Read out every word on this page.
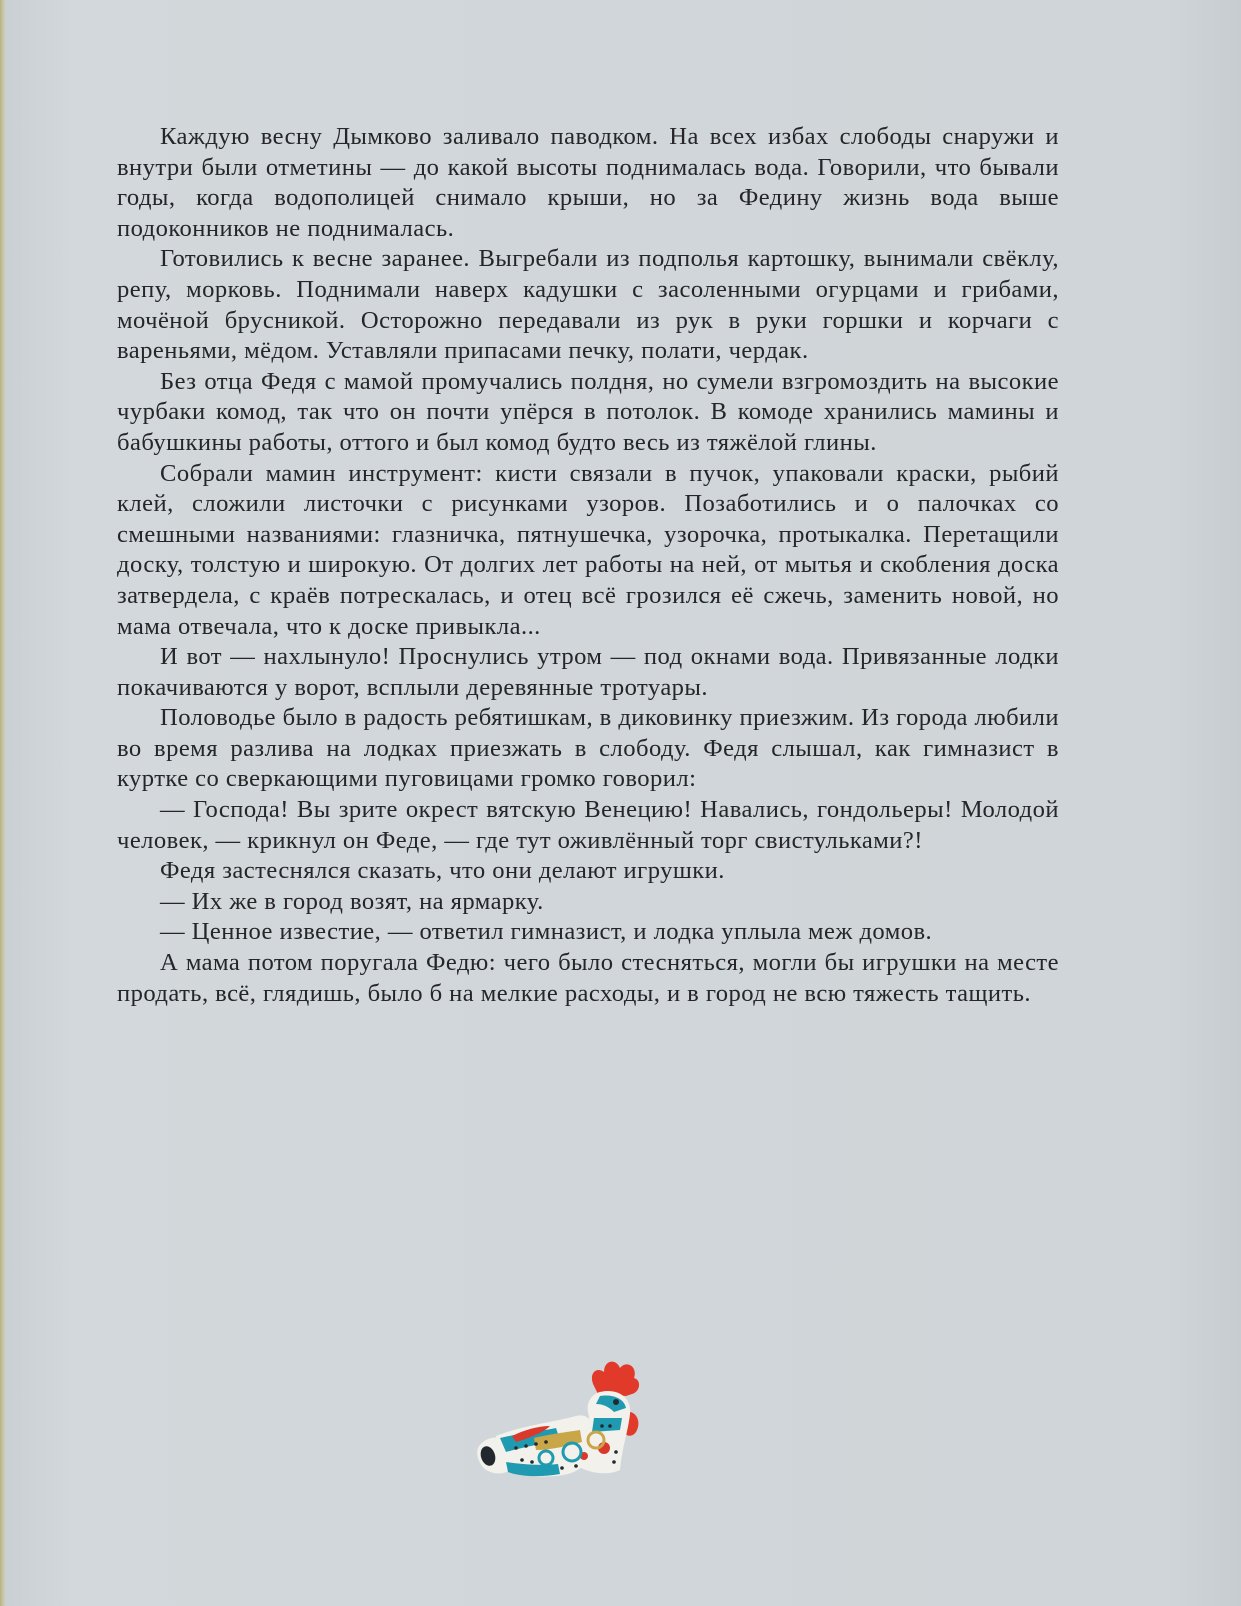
Каждую весну Дымково заливало паводком. На всех избах слободы снаружи и внутри были отметины — до какой высоты поднималась вода. Говорили, что бывали годы, когда водополицей снимало крыши, но за Федину жизнь вода выше подоконников не поднималась.

Готовились к весне заранее. Выгребали из подполья картошку, вынимали свёклу, репу, морковь. Поднимали наверх кадушки с засоленными огурцами и грибами, мочёной брусникой. Осторожно передавали из рук в руки горшки и корчаги с вареньями, мёдом. Уставляли припасами печку, полати, чердак.

Без отца Федя с мамой промучались полдня, но сумели взгромоздить на высокие чурбаки комод, так что он почти упёрся в потолок. В комоде хранились мамины и бабушкины работы, оттого и был комод будто весь из тяжёлой глины.

Собрали мамин инструмент: кисти связали в пучок, упаковали краски, рыбий клей, сложили листочки с рисунками узоров. Позаботились и о палочках со смешными названиями: глазничка, пятнушечка, узорочка, протыкалка. Перетащили доску, толстую и широкую. От долгих лет работы на ней, от мытья и скобления доска затвердела, с краёв потрескалась, и отец всё грозился её сжечь, заменить новой, но мама отвечала, что к доске привыкла...

И вот — нахлынуло! Проснулись утром — под окнами вода. Привязанные лодки покачиваются у ворот, всплыли деревянные тротуары.

Половодье было в радость ребятишкам, в диковинку приезжим. Из города любили во время разлива на лодках приезжать в слободу. Федя слышал, как гимназист в куртке со сверкающими пуговицами громко говорил:

— Господа! Вы зрите окрест вятскую Венецию! Навались, гондольеры! Молодой человек, — крикнул он Феде, — где тут оживлённый торг свистульками?!

Федя застеснялся сказать, что они делают игрушки.

— Их же в город возят, на ярмарку.

— Ценное известие, — ответил гимназист, и лодка уплыла меж домов.

А мама потом поругала Федю: чего было стесняться, могли бы игрушки на месте продать, всё, глядишь, было б на мелкие расходы, и в город не всю тяжесть тащить.
